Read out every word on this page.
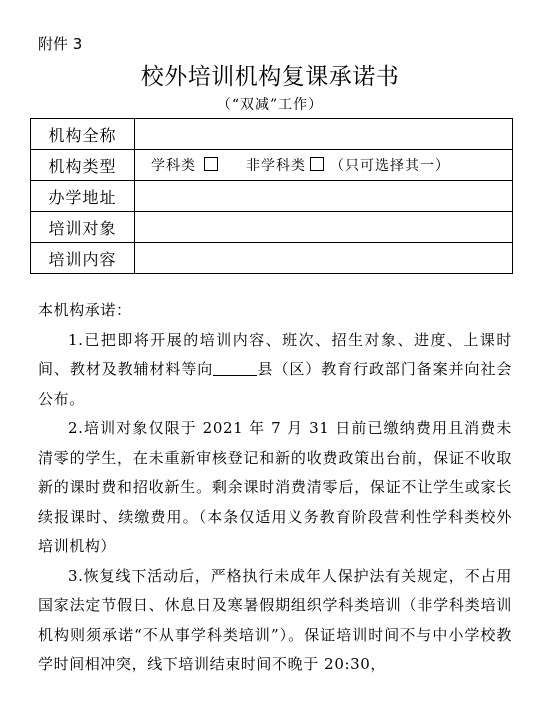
附件 3
校外培训机构复课承诺书
（“双减”工作）
机构全称	
机构类型	学科类 非学科类 （只可选择其一）
办学地址	
培训对象	
培训内容	

本机构承诺：

1.已把即将开展的培训内容、班次、招生对象、进度、上课时间、教材及教辅材料等向	县（区）教育行政部门备案并向社会公布。

2.培训对象仅限于 2021 年 7 月 31 日前已缴纳费用且消费未清零的学生，在未重新审核登记和新的收费政策出台前，保证不收取新的课时费和招收新生。剩余课时消费清零后，保证不让学生或家长续报课时、续缴费用。（本条仅适用义务教育阶段营利性学科类校外培训机构）

3.恢复线下活动后，严格执行未成年人保护法有关规定，不占用国家法定节假日、休息日及寒暑假期组织学科类培训（非学科类培训机构则须承诺“不从事学科类培训”）。保证培训时间不与中小学校教学时间相冲突，线下培训结束时间不晚于 20:30，
